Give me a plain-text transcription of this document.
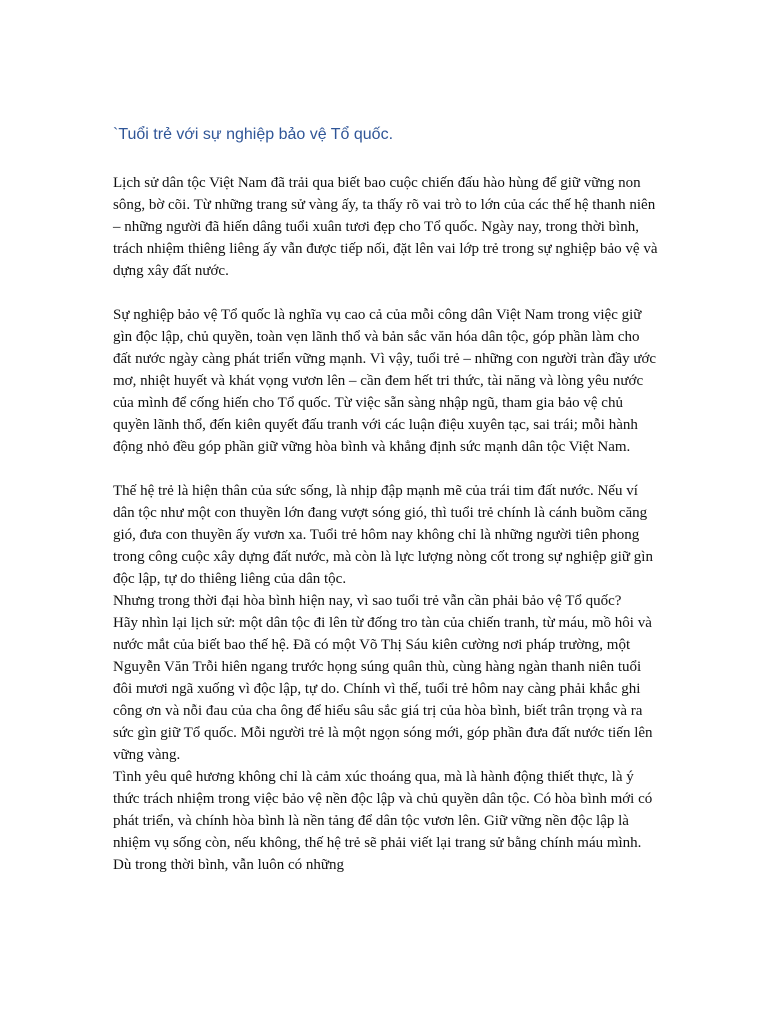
`Tuổi trẻ với sự nghiệp bảo vệ Tổ quốc.

Lịch sử dân tộc Việt Nam đã trải qua biết bao cuộc chiến đấu hào hùng để giữ vững non sông, bờ cõi. Từ những trang sử vàng ấy, ta thấy rõ vai trò to lớn của các thế hệ thanh niên – những người đã hiến dâng tuổi xuân tươi đẹp cho Tổ quốc. Ngày nay, trong thời bình, trách nhiệm thiêng liêng ấy vẫn được tiếp nối, đặt lên vai lớp trẻ trong sự nghiệp bảo vệ và dựng xây đất nước.

Sự nghiệp bảo vệ Tổ quốc là nghĩa vụ cao cả của mỗi công dân Việt Nam trong việc giữ gìn độc lập, chủ quyền, toàn vẹn lãnh thổ và bản sắc văn hóa dân tộc, góp phần làm cho đất nước ngày càng phát triển vững mạnh. Vì vậy, tuổi trẻ – những con người tràn đầy ước mơ, nhiệt huyết và khát vọng vươn lên – cần đem hết tri thức, tài năng và lòng yêu nước của mình để cống hiến cho Tổ quốc. Từ việc sẵn sàng nhập ngũ, tham gia bảo vệ chủ quyền lãnh thổ, đến kiên quyết đấu tranh với các luận điệu xuyên tạc, sai trái; mỗi hành động nhỏ đều góp phần giữ vững hòa bình và khẳng định sức mạnh dân tộc Việt Nam.

Thế hệ trẻ là hiện thân của sức sống, là nhịp đập mạnh mẽ của trái tim đất nước. Nếu ví dân tộc như một con thuyền lớn đang vượt sóng gió, thì tuổi trẻ chính là cánh buồm căng gió, đưa con thuyền ấy vươn xa. Tuổi trẻ hôm nay không chỉ là những người tiên phong trong công cuộc xây dựng đất nước, mà còn là lực lượng nòng cốt trong sự nghiệp giữ gìn độc lập, tự do thiêng liêng của dân tộc.

Nhưng trong thời đại hòa bình hiện nay, vì sao tuổi trẻ vẫn cần phải bảo vệ Tổ quốc?

Hãy nhìn lại lịch sử: một dân tộc đi lên từ đống tro tàn của chiến tranh, từ máu, mồ hôi và nước mắt của biết bao thế hệ. Đã có một Võ Thị Sáu kiên cường nơi pháp trường, một Nguyễn Văn Trỗi hiên ngang trước họng súng quân thù, cùng hàng ngàn thanh niên tuổi đôi mươi ngã xuống vì độc lập, tự do. Chính vì thế, tuổi trẻ hôm nay càng phải khắc ghi công ơn và nỗi đau của cha ông để hiểu sâu sắc giá trị của hòa bình, biết trân trọng và ra sức gìn giữ Tổ quốc. Mỗi người trẻ là một ngọn sóng mới, góp phần đưa đất nước tiến lên vững vàng.

Tình yêu quê hương không chỉ là cảm xúc thoáng qua, mà là hành động thiết thực, là ý thức trách nhiệm trong việc bảo vệ nền độc lập và chủ quyền dân tộc. Có hòa bình mới có phát triển, và chính hòa bình là nền tảng để dân tộc vươn lên. Giữ vững nền độc lập là nhiệm vụ sống còn, nếu không, thế hệ trẻ sẽ phải viết lại trang sử bằng chính máu mình. Dù trong thời bình, vẫn luôn có những
